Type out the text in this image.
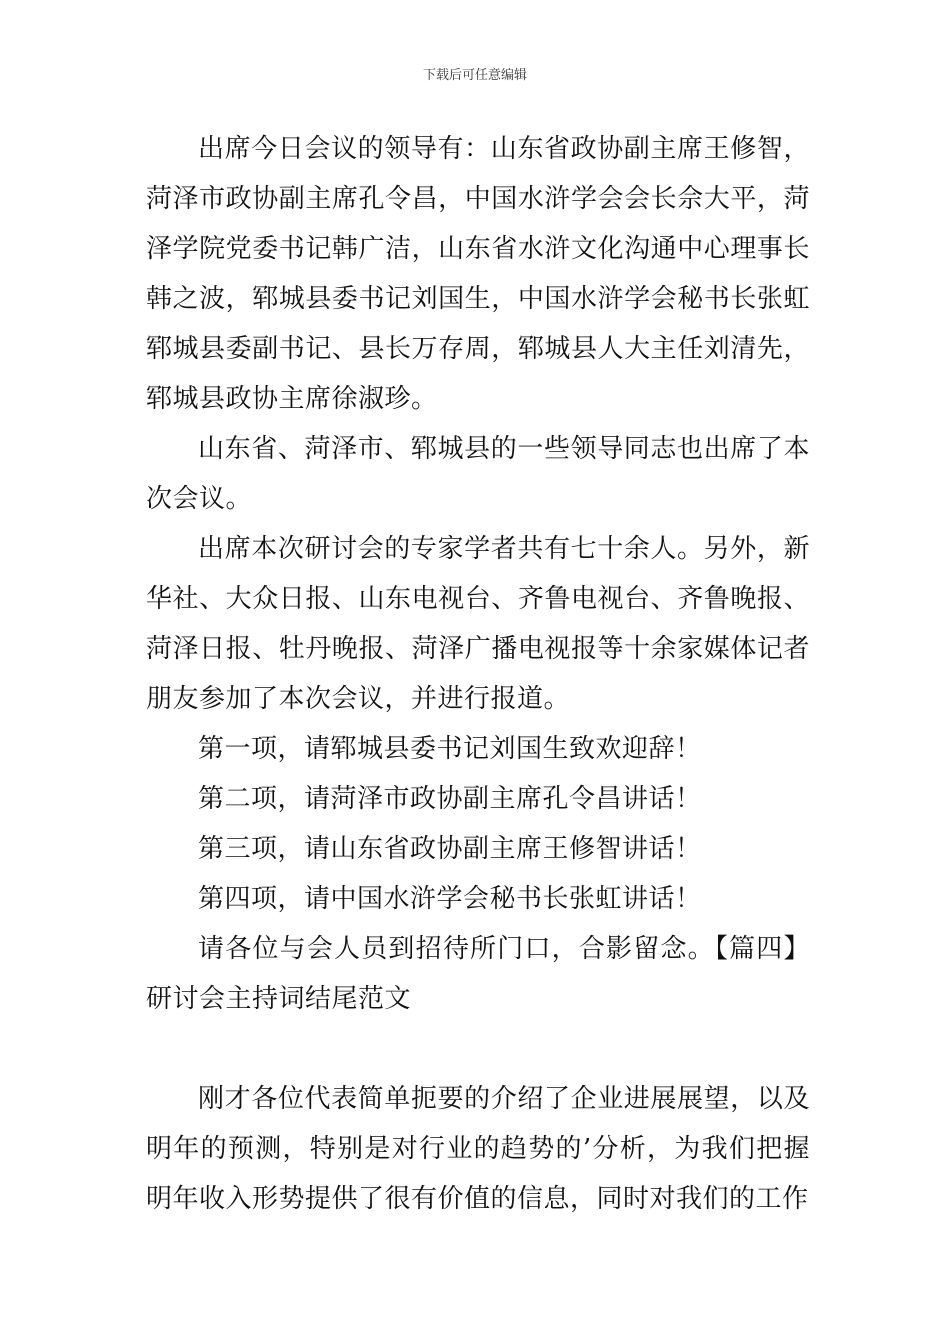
下载后可任意编辑

出席今日会议的领导有：山东省政协副主席王修智，菏泽市政协副主席孔令昌，中国水浒学会会长佘大平，菏泽学院党委书记韩广洁，山东省水浒文化沟通中心理事长韩之波，郓城县委书记刘国生，中国水浒学会秘书长张虹郓城县委副书记、县长万存周，郓城县人大主任刘清先，郓城县政协主席徐淑珍。

山东省、菏泽市、郓城县的一些领导同志也出席了本次会议。

出席本次研讨会的专家学者共有七十余人。另外，新华社、大众日报、山东电视台、齐鲁电视台、齐鲁晚报、菏泽日报、牡丹晚报、菏泽广播电视报等十余家媒体记者朋友参加了本次会议，并进行报道。

第一项，请郓城县委书记刘国生致欢迎辞！

第二项，请菏泽市政协副主席孔令昌讲话！

第三项，请山东省政协副主席王修智讲话！

第四项，请中国水浒学会秘书长张虹讲话！

请各位与会人员到招待所门口，合影留念。【篇四】研讨会主持词结尾范文

刚才各位代表简单扼要的介绍了企业进展展望，以及明年的预测，特别是对行业的趋势的’分析，为我们把握明年收入形势提供了很有价值的信息，同时对我们的工作
